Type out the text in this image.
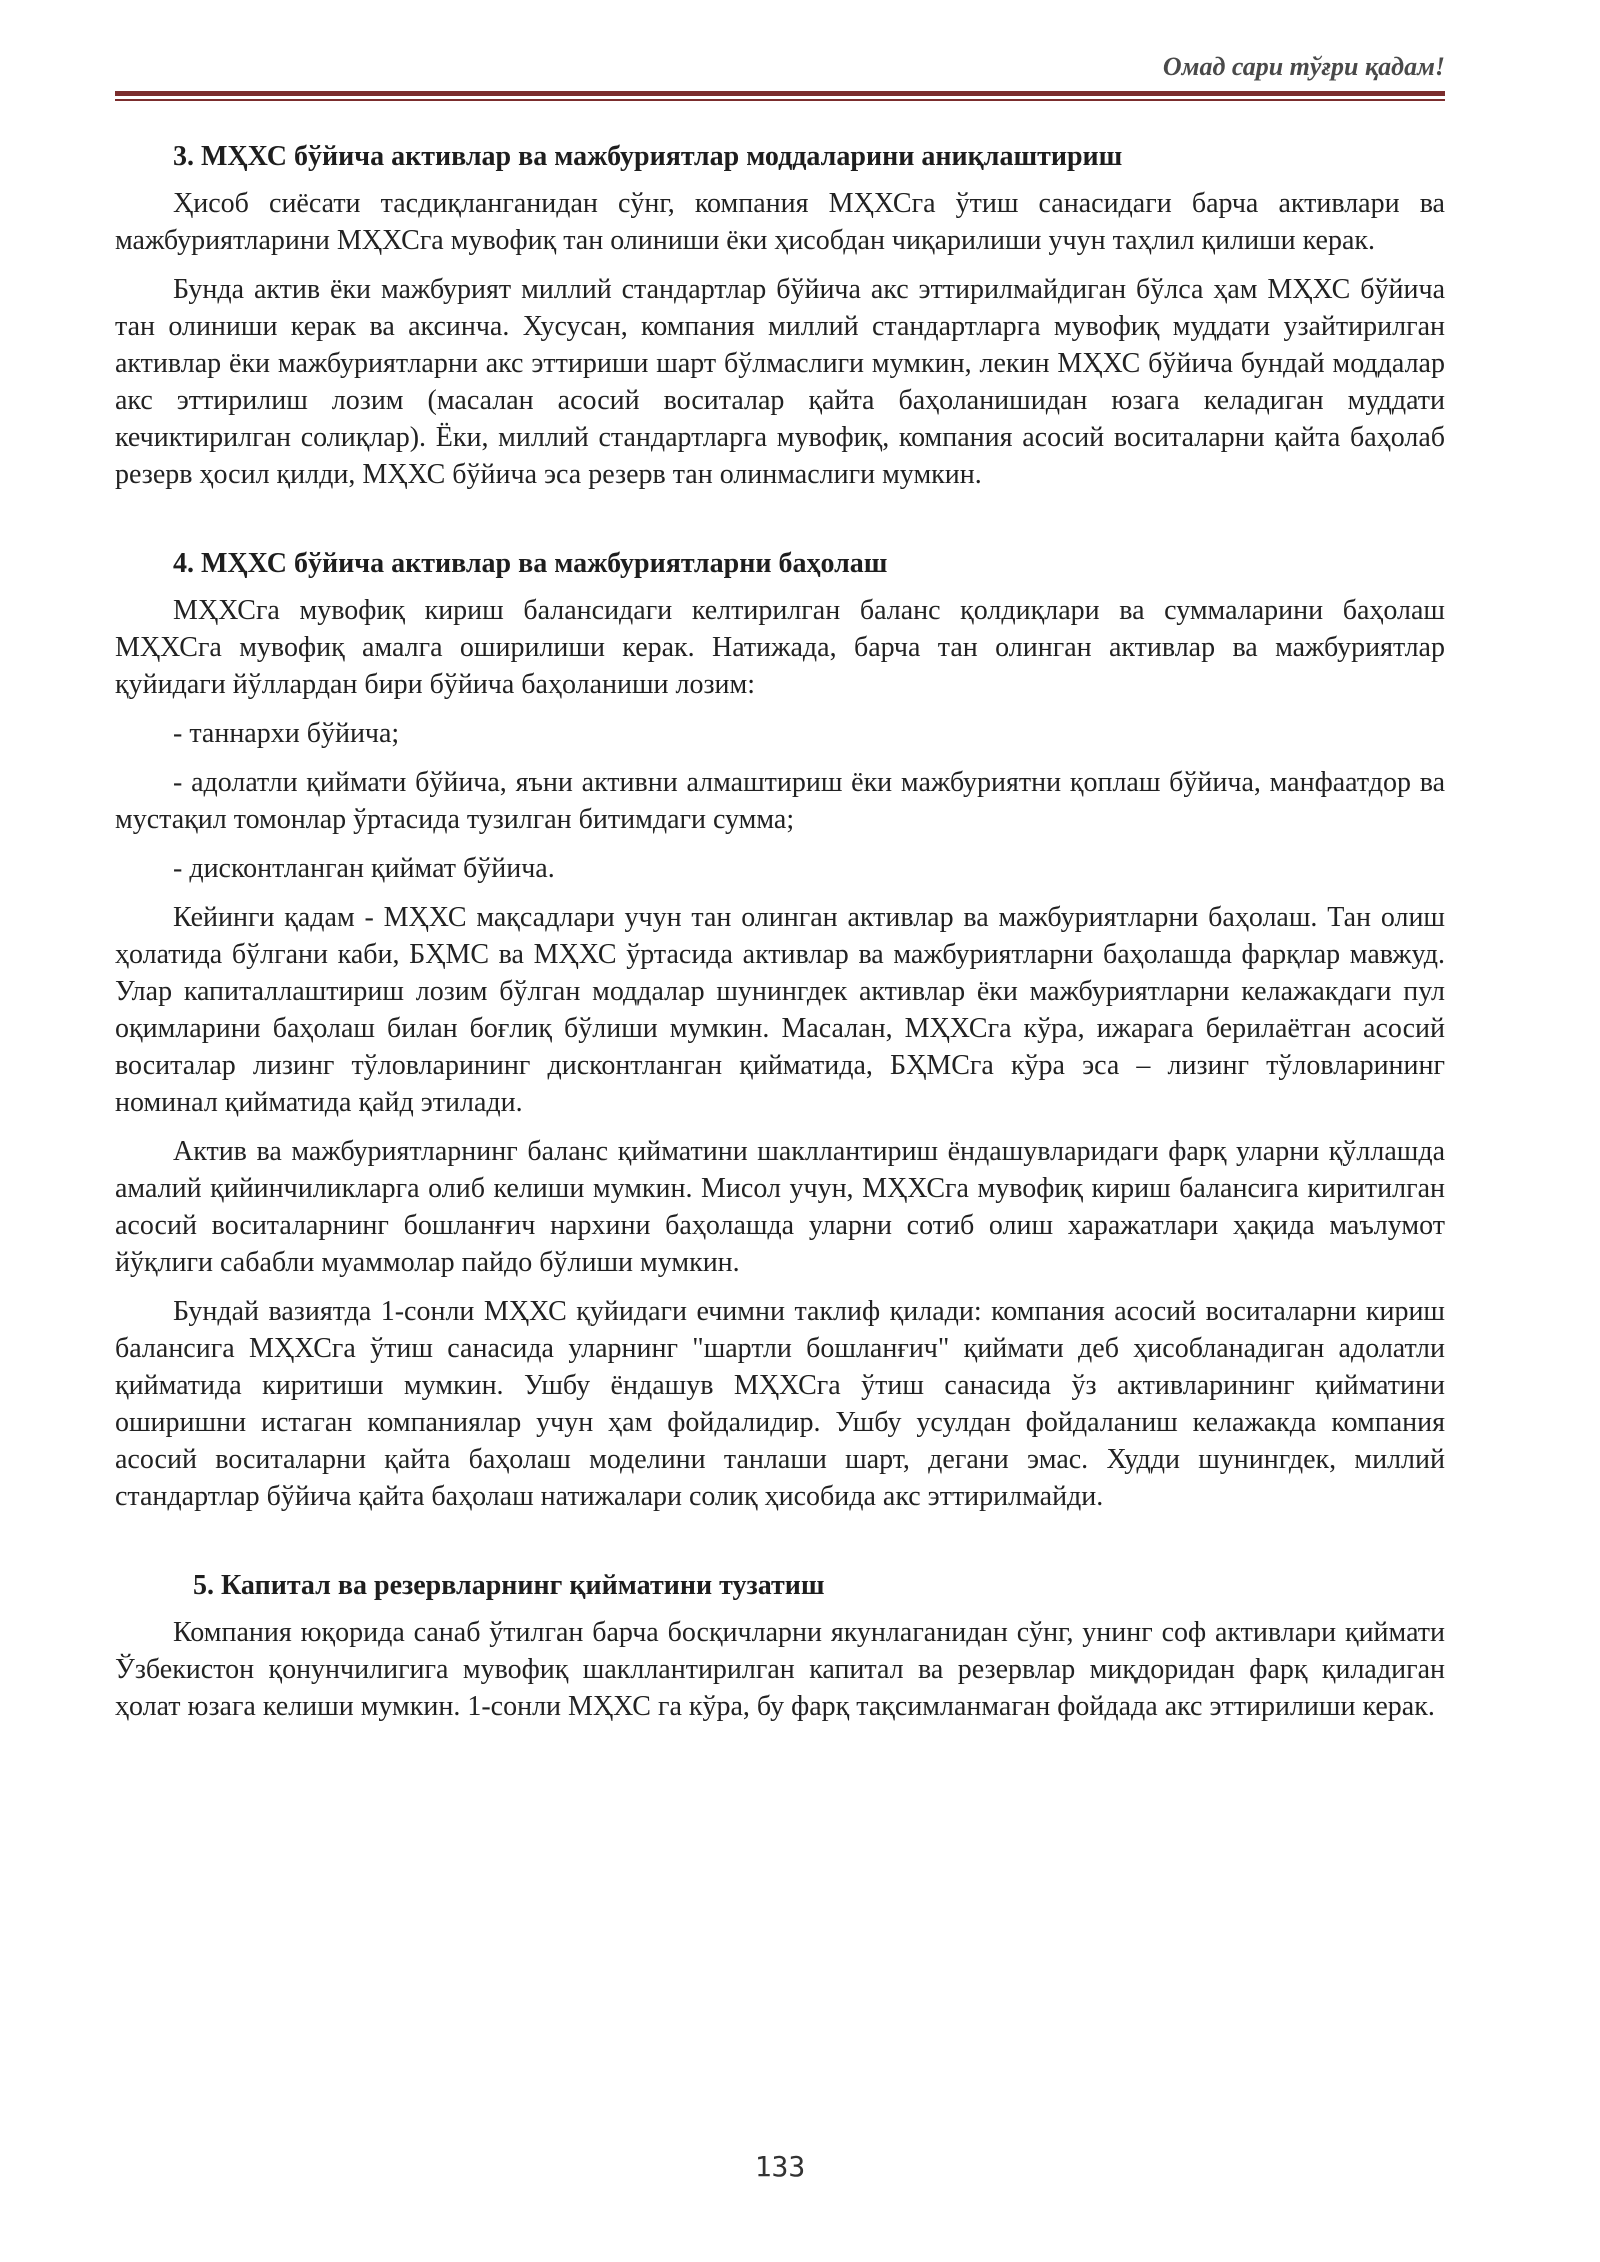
Омад сари тўғри қадам!
3. МҲХС бўйича активлар ва мажбуриятлар моддаларини аниқлаштириш

Ҳисоб сиёсати тасдиқланганидан сўнг, компания МҲХСга ўтиш санасидаги барча активлари ва мажбуриятларини МҲХСга мувофиқ тан олиниши ёки ҳисобдан чиқарилиши учун таҳлил қилиши керак.

Бунда актив ёки мажбурият миллий стандартлар бўйича акс эттирилмайдиган бўлса ҳам МҲХС бўйича тан олиниши керак ва аксинча. Хусусан, компания миллий стандартларга мувофиқ муддати узайтирилган активлар ёки мажбуриятларни акс эттириши шарт бўлмаслиги мумкин, лекин МҲХС бўйича бундай моддалар акс эттирилиш лозим (масалан асосий воситалар қайта баҳоланишидан юзага келадиган муддати кечиктирилган солиқлар). Ёки, миллий стандартларга мувофиқ, компания асосий воситаларни қайта баҳолаб резерв ҳосил қилди, МҲХС бўйича эса резерв тан олинмаслиги мумкин.

4. МҲХС бўйича активлар ва мажбуриятларни баҳолаш

МҲХСга мувофиқ кириш балансидаги келтирилган баланс қолдиқлари ва суммаларини баҳолаш МҲХСга мувофиқ амалга оширилиши керак. Натижада, барча тан олинган активлар ва мажбуриятлар қуйидаги йўллардан бири бўйича баҳоланиши лозим:

- таннархи бўйича;
- адолатли қиймати бўйича, яъни активни алмаштириш ёки мажбуриятни қоплаш бўйича, манфаатдор ва мустақил томонлар ўртасида тузилган битимдаги сумма;
- дисконтланган қиймат бўйича.

Кейинги қадам - МҲХС мақсадлари учун тан олинган активлар ва мажбуриятларни баҳолаш. Тан олиш ҳолатида бўлгани каби, БҲМС ва МҲХС ўртасида активлар ва мажбуриятларни баҳолашда фарқлар мавжуд. Улар капиталлаштириш лозим бўлган моддалар шунингдек активлар ёки мажбуриятларни келажакдаги пул оқимларини баҳолаш билан боғлиқ бўлиши мумкин. Масалан, МҲХСга кўра, ижарага берилаётган асосий воситалар лизинг тўловларининг дисконтланган қийматида, БҲМСга кўра эса – лизинг тўловларининг номинал қийматида қайд этилади.

Актив ва мажбуриятларнинг баланс қийматини шакллантириш ёндашувларидаги фарқ уларни қўллашда амалий қийинчиликларга олиб келиши мумкин. Мисол учун, МҲХСга мувофиқ кириш балансига киритилган асосий воситаларнинг бошланғич нархини баҳолашда уларни сотиб олиш харажатлари ҳақида маълумот йўқлиги сабабли муаммолар пайдо бўлиши мумкин.

Бундай вазиятда 1-сонли МҲХС қуйидаги ечимни таклиф қилади: компания асосий воситаларни кириш балансига МҲХСга ўтиш санасида уларнинг "шартли бошланғич" қиймати деб ҳисобланадиган адолатли қийматида киритиши мумкин. Ушбу ёндашув МҲХСга ўтиш санасида ўз активларининг қийматини оширишни истаган компаниялар учун ҳам фойдалидир. Ушбу усулдан фойдаланиш келажакда компания асосий воситаларни қайта баҳолаш моделини танлаши шарт, дегани эмас. Худди шунингдек, миллий стандартлар бўйича қайта баҳолаш натижалари солиқ ҳисобида акс эттирилмайди.

5. Капитал ва резервларнинг қийматини тузатиш

Компания юқорида санаб ўтилган барча босқичларни якунлаганидан сўнг, унинг соф активлари қиймати Ўзбекистон қонунчилигига мувофиқ шакллантирилган капитал ва резервлар миқдоридан фарқ қиладиган ҳолат юзага келиши мумкин. 1-сонли МҲХС га кўра, бу фарқ тақсимланмаган фойдада акс эттирилиши керак.

133
